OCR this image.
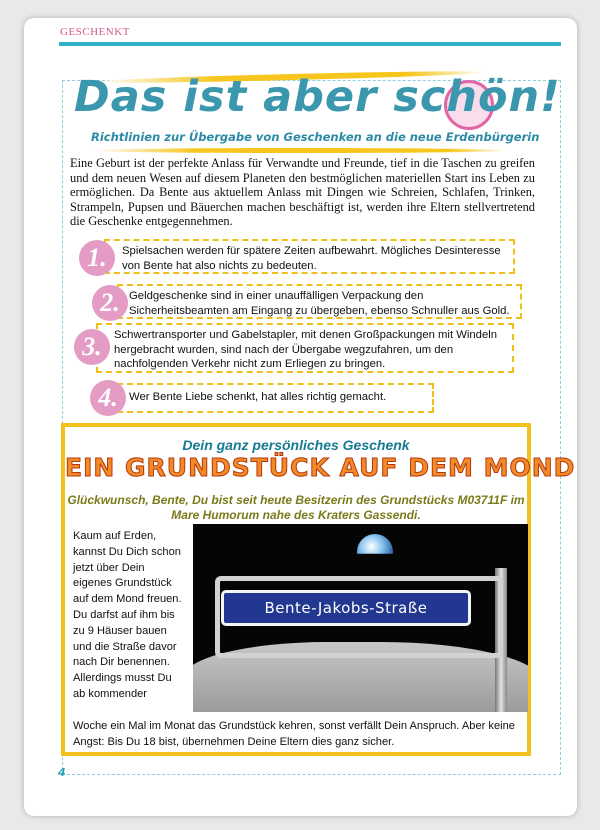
GESCHENKT
Das ist aber schön!
Richtlinien zur Übergabe von Geschenken an die neue Erdenbürgerin
Eine Geburt ist der perfekte Anlass für Verwandte und Freunde, tief in die Taschen zu greifen und dem neuen Wesen auf diesem Planeten den bestmöglichen materiellen Start ins Leben zu ermöglichen. Da Bente aus aktuellem Anlass mit Dingen wie Schreien, Schlafen, Trinken, Strampeln, Pupsen und Bäuerchen machen beschäftigt ist, werden ihre Eltern stellvertretend die Geschenke entgegennehmen.
Spielsachen werden für spätere Zeiten aufbewahrt. Mögliches Desinteresse von Bente hat also nichts zu bedeuten.
1.
Geldgeschenke sind in einer unauffälligen Verpackung den Sicherheitsbeamten am Eingang zu übergeben, ebenso Schnuller aus Gold.
2.
Schwertransporter und Gabelstapler, mit denen Großpackungen mit Windeln hergebracht wurden, sind nach der Übergabe wegzufahren, um den nachfolgenden Verkehr nicht zum Erliegen zu bringen.
3.
Wer Bente Liebe schenkt, hat alles richtig gemacht.
4.
Dein ganz persönliches Geschenk
EIN GRUNDSTÜCK AUF DEM MOND
Glückwunsch, Bente, Du bist seit heute Besitzerin des Grundstücks M03711F im Mare Humorum nahe des Kraters Gassendi.
Bente-Jakobs-Straße
Kaum auf Erden, kannst Du Dich schon jetzt über Dein eigenes Grundstück auf dem Mond freuen. Du darfst auf ihm bis zu 9 Häuser bauen und die Straße davor nach Dir benennen. Allerdings musst Du ab kommender
Woche ein Mal im Monat das Grundstück kehren, sonst verfällt Dein Anspruch. Aber keine Angst: Bis Du 18 bist, übernehmen Deine Eltern dies ganz sicher.
4
